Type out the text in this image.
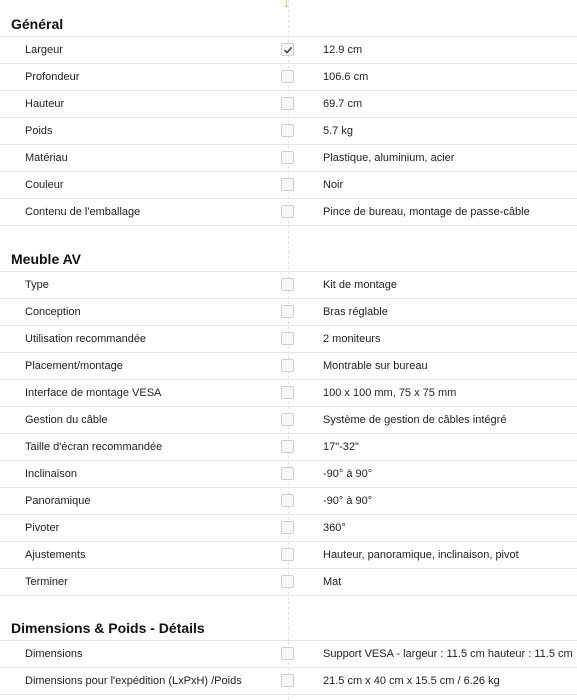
↓
Général
Largeur	12.9 cm
Profondeur	106.6 cm
Hauteur	69.7 cm
Poids	5.7 kg
Matériau	Plastique, aluminium, acier
Couleur	Noir
Contenu de l'emballage	Pince de bureau, montage de passe-câble
Meuble AV
Type	Kit de montage
Conception	Bras réglable
Utilisation recommandée	2 moniteurs
Placement/montage	Montrable sur bureau
Interface de montage VESA	100 x 100 mm, 75 x 75 mm
Gestion du câble	Système de gestion de câbles intégré
Taille d'écran recommandée	17"-32"
Inclinaison	-90° à 90°
Panoramique	-90° à 90°
Pivoter	360°
Ajustements	Hauteur, panoramique, inclinaison, pivot
Terminer	Mat
Dimensions & Poids - Détails
Dimensions	Support VESA - largeur : 11.5 cm hauteur : 11.5 cm
Dimensions pour l'expédition (LxPxH) /Poids	21.5 cm x 40 cm x 15.5 cm / 6.26 kg
